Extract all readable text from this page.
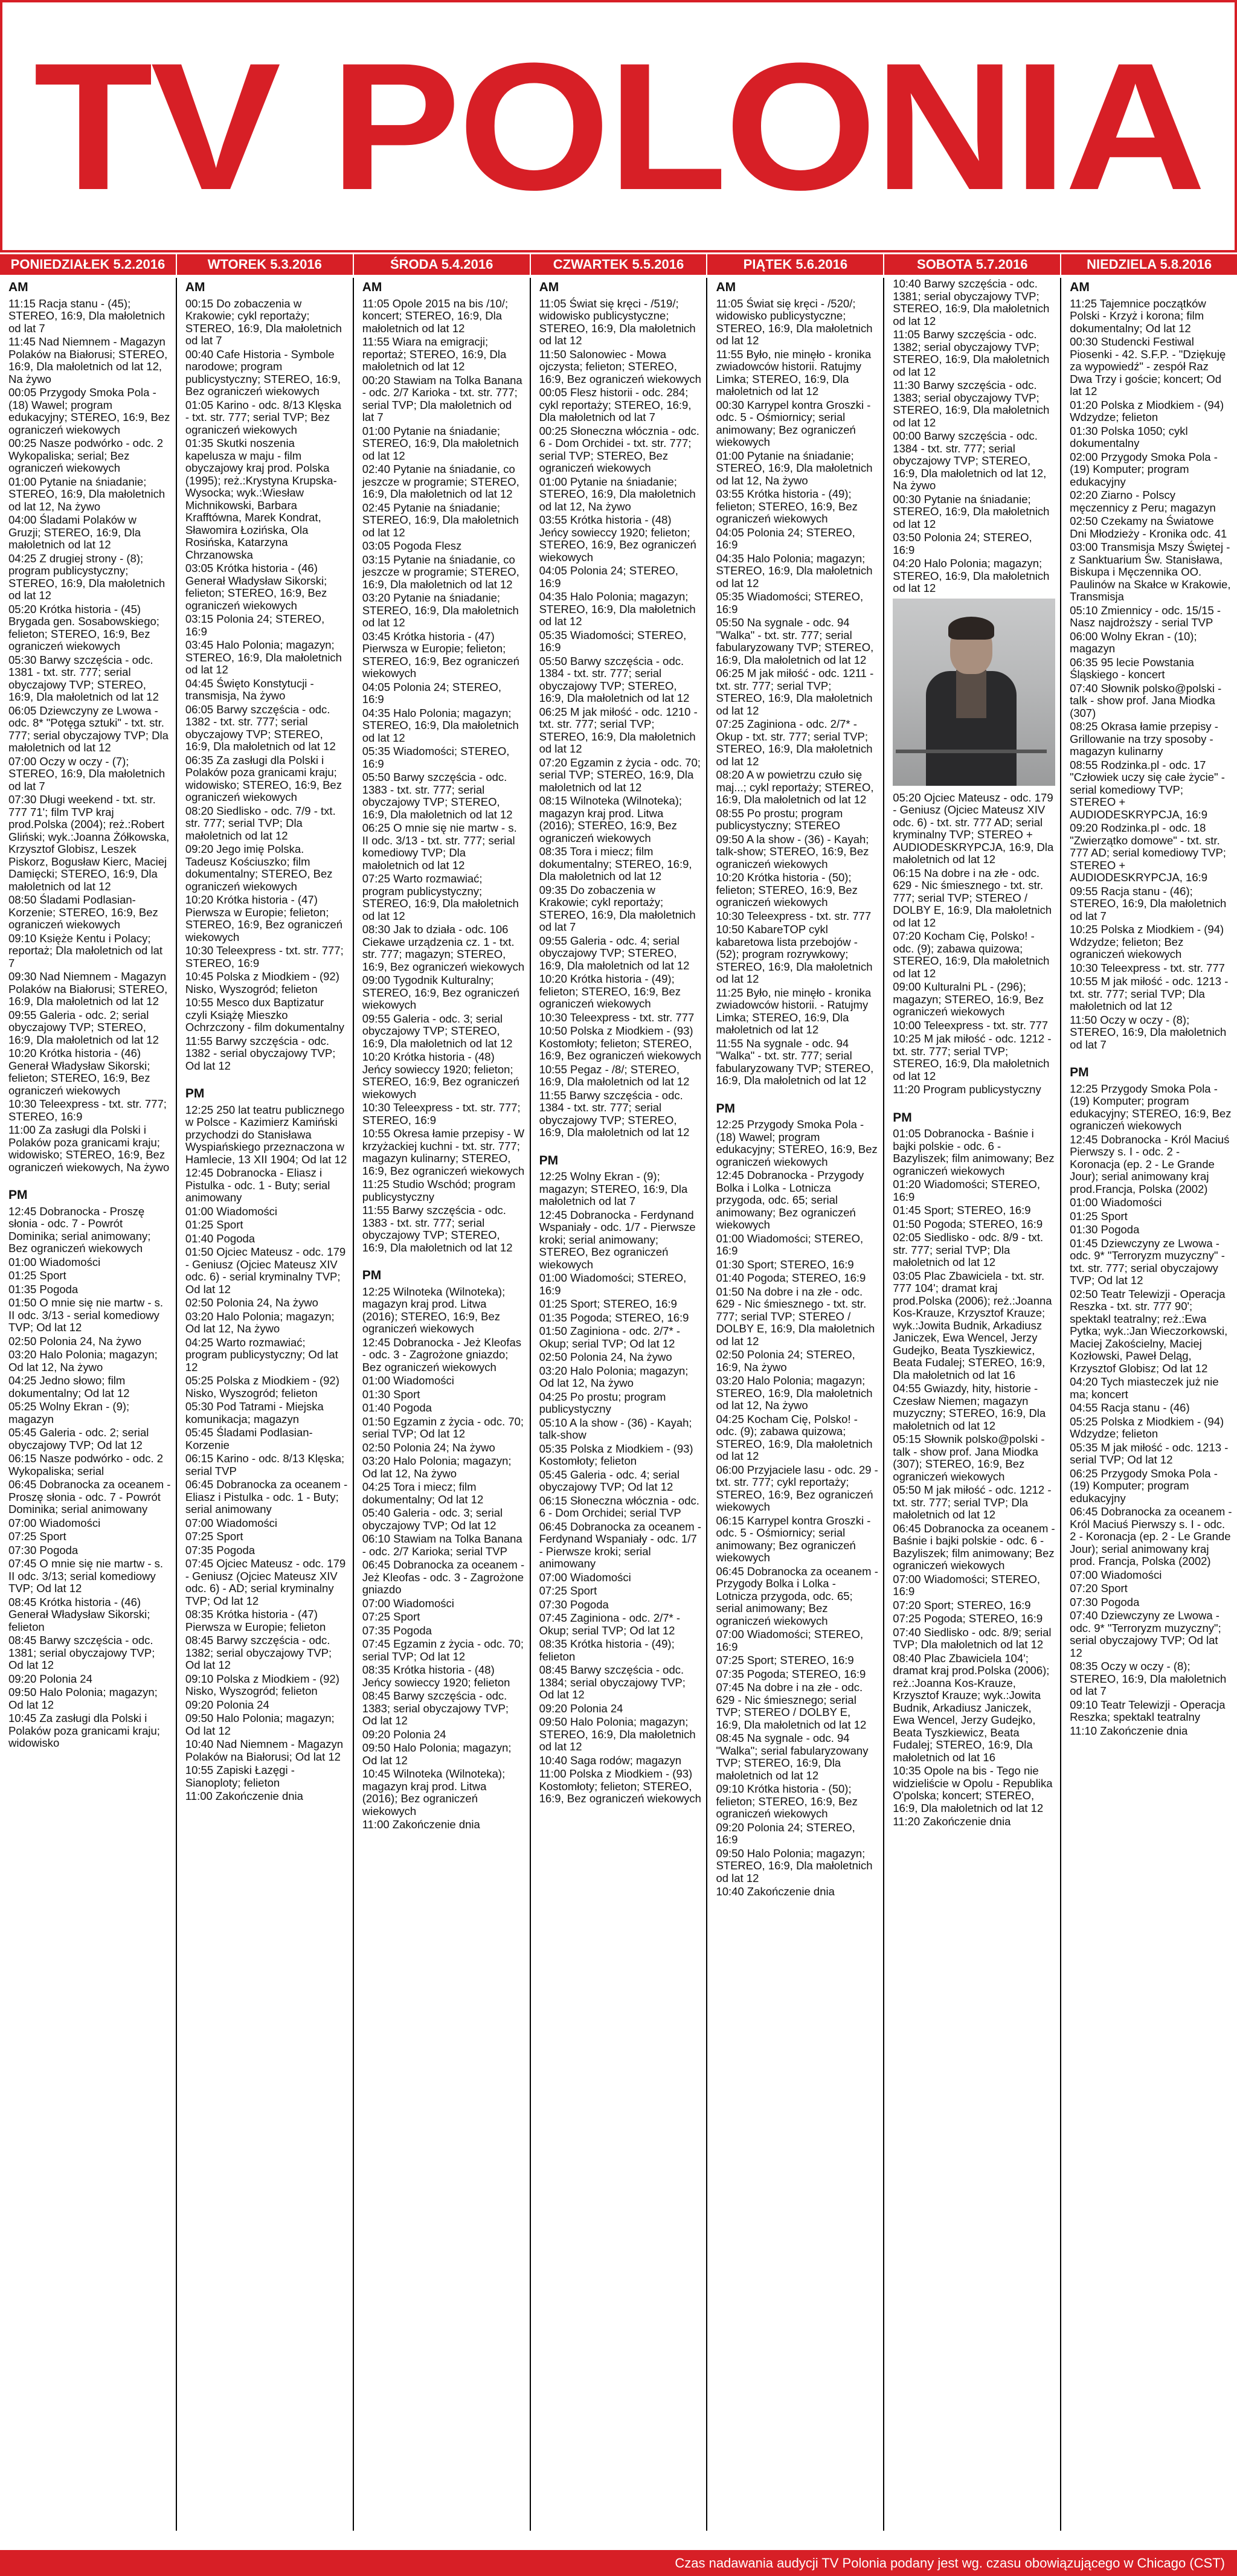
TV POLONIA
PONIEDZIAŁEK 5.2.2016	WTOREK 5.3.2016	ŚRODA 5.4.2016	CZWARTEK 5.5.2016	PIĄTEK 5.6.2016	SOBOTA 5.7.2016	NIEDZIELA 5.8.2016
AM
11:15 Racja stanu - (45); STEREO, 16:9, Dla małoletnich od lat 7
11:45 Nad Niemnem - Magazyn Polaków na Białorusi; STEREO, 16:9, Dla małoletnich od lat 12, Na żywo
00:05 Przygody Smoka Pola - (18) Wawel; program edukacyjny; STEREO, 16:9, Bez ograniczeń wiekowych
00:25 Nasze podwórko - odc. 2 Wykopaliska; serial; Bez ograniczeń wiekowych
01:00 Pytanie na śniadanie; STEREO, 16:9, Dla małoletnich od lat 12, Na żywo
04:00 Śladami Polaków w Gruzji; STEREO, 16:9, Dla małoletnich od lat 12
04:25 Z drugiej strony - (8); program publicystyczny; STEREO, 16:9, Dla małoletnich od lat 12
05:20 Krótka historia - (45) Brygada gen. Sosabowskiego; felieton; STEREO, 16:9, Bez ograniczeń wiekowych
05:30 Barwy szczęścia - odc. 1381 - txt. str. 777; serial obyczajowy TVP; STEREO, 16:9, Dla małoletnich od lat 12
06:05 Dziewczyny ze Lwowa - odc. 8* "Potęga sztuki" - txt. str. 777; serial obyczajowy TVP; Dla małoletnich od lat 12
07:00 Oczy w oczy - (7); STEREO, 16:9, Dla małoletnich od lat 7
07:30 Długi weekend - txt. str. 777 71'; film TVP kraj prod.Polska (2004); reż.:Robert Gliński; wyk.:Joanna Żółkowska, Krzysztof Globisz, Leszek Piskorz, Bogusław Kierc, Maciej Damięcki; STEREO, 16:9, Dla małoletnich od lat 12
08:50 Śladami Podlasian-Korzenie; STEREO, 16:9, Bez ograniczeń wiekowych
09:10 Księże Kentu i Polacy; reportaż; Dla małoletnich od lat 7
09:30 Nad Niemnem - Magazyn Polaków na Białorusi; STEREO, 16:9, Dla małoletnich od lat 12
09:55 Galeria - odc. 2; serial obyczajowy TVP; STEREO, 16:9, Dla małoletnich od lat 12
10:20 Krótka historia - (46) Generał Władysław Sikorski; felieton; STEREO, 16:9, Bez ograniczeń wiekowych
10:30 Teleexpress - txt. str. 777; STEREO, 16:9
11:00 Za zasługi dla Polski i Polaków poza granicami kraju; widowisko; STEREO, 16:9, Bez ograniczeń wiekowych, Na żywo
PM
12:45 Dobranocka - Proszę słonia - odc. 7 - Powrót Dominika; serial animowany; Bez ograniczeń wiekowych
01:00 Wiadomości
01:25 Sport
01:35 Pogoda
01:50 O mnie się nie martw - s. II odc. 3/13 - serial komediowy TVP; Od lat 12
02:50 Polonia 24, Na żywo
03:20 Halo Polonia; magazyn; Od lat 12, Na żywo
04:25 Jedno słowo; film dokumentalny; Od lat 12
05:25 Wolny Ekran - (9); magazyn
05:45 Galeria - odc. 2; serial obyczajowy TVP; Od lat 12
06:15 Nasze podwórko - odc. 2 Wykopaliska; serial
06:45 Dobranocka za oceanem - Proszę słonia - odc. 7 - Powrót Dominika; serial animowany
07:00 Wiadomości
07:25 Sport
07:30 Pogoda
07:45 O mnie się nie martw - s. II odc. 3/13; serial komediowy TVP; Od lat 12
08:45 Krótka historia - (46) Generał Władysław Sikorski; felieton
08:45 Barwy szczęścia - odc. 1381; serial obyczajowy TVP; Od lat 12
09:20 Polonia 24
09:50 Halo Polonia; magazyn; Od lat 12
10:45 Za zasługi dla Polski i Polaków poza granicami kraju; widowisko
AM
00:15 Do zobaczenia w Krakowie; cykl reportaży; STEREO, 16:9, Dla małoletnich od lat 7
00:40 Cafe Historia - Symbole narodowe; program publicystyczny; STEREO, 16:9, Bez ograniczeń wiekowych
01:05 Karino - odc. 8/13 Klęska - txt. str. 777; serial TVP; Bez ograniczeń wiekowych
01:35 Skutki noszenia kapelusza w maju - film obyczajowy kraj prod. Polska (1995); reż.:Krystyna Krupska-Wysocka; wyk.:Wiesław Michnikowski, Barbara Krafftówna, Marek Kondrat, Sławomira Łozińska, Ola Rosińska, Katarzyna Chrzanowska
03:05 Krótka historia - (46) Generał Władysław Sikorski; felieton; STEREO, 16:9, Bez ograniczeń wiekowych
03:15 Polonia 24; STEREO, 16:9
03:45 Halo Polonia; magazyn; STEREO, 16:9, Dla małoletnich od lat 12
04:45 Święto Konstytucji - transmisja, Na żywo
06:05 Barwy szczęścia - odc. 1382 - txt. str. 777; serial obyczajowy TVP; STEREO, 16:9, Dla małoletnich od lat 12
06:35 Za zasługi dla Polski i Polaków poza granicami kraju; widowisko; STEREO, 16:9, Bez ograniczeń wiekowych
08:20 Siedlisko - odc. 7/9 - txt. str. 777; serial TVP; Dla małoletnich od lat 12
09:20 Jego imię Polska. Tadeusz Kościuszko; film dokumentalny; STEREO, Bez ograniczeń wiekowych
10:20 Krótka historia - (47) Pierwsza w Europie; felieton; STEREO, 16:9, Bez ograniczeń wiekowych
10:30 Teleexpress - txt. str. 777; STEREO, 16:9
10:45 Polska z Miodkiem - (92) Nisko, Wyszogród; felieton
10:55 Mesco dux Baptizatur czyli Książę Mieszko Ochrzczony - film dokumentalny
11:55 Barwy szczęścia - odc. 1382 - serial obyczajowy TVP; Od lat 12
PM
12:25 250 lat teatru publicznego w Polsce - Kazimierz Kamiński przychodzi do Stanisława Wyspiańskiego przeznaczona w Hamlecie, 13 XII 1904; Od lat 12
12:45 Dobranocka - Eliasz i Pistulka - odc. 1 - Buty; serial animowany
01:00 Wiadomości
01:25 Sport
01:40 Pogoda
01:50 Ojciec Mateusz - odc. 179 - Geniusz (Ojciec Mateusz XIV odc. 6) - serial kryminalny TVP; Od lat 12
02:50 Polonia 24, Na żywo
03:20 Halo Polonia; magazyn; Od lat 12, Na żywo
04:25 Warto rozmawiać; program publicystyczny; Od lat 12
05:25 Polska z Miodkiem - (92) Nisko, Wyszogród; felieton
05:30 Pod Tatrami - Miejska komunikacja; magazyn
05:45 Śladami Podlasian-Korzenie
06:15 Karino - odc. 8/13 Klęska; serial TVP
06:45 Dobranocka za oceanem - Eliasz i Pistulka - odc. 1 - Buty; serial animowany
07:00 Wiadomości
07:25 Sport
07:35 Pogoda
07:45 Ojciec Mateusz - odc. 179 - Geniusz (Ojciec Mateusz XIV odc. 6) - AD; serial kryminalny TVP; Od lat 12
08:35 Krótka historia - (47) Pierwsza w Europie; felieton
08:45 Barwy szczęścia - odc. 1382; serial obyczajowy TVP; Od lat 12
09:10 Polska z Miodkiem - (92) Nisko, Wyszogród; felieton
09:20 Polonia 24
09:50 Halo Polonia; magazyn; Od lat 12
10:40 Nad Niemnem - Magazyn Polaków na Białorusi; Od lat 12
10:55 Zapiski Łazęgi - Sianoploty; felieton
11:00 Zakończenie dnia
AM
11:05 Opole 2015 na bis /10/; koncert; STEREO, 16:9, Dla małoletnich od lat 12
11:55 Wiara na emigracji; reportaż; STEREO, 16:9, Dla małoletnich od lat 12
00:20 Stawiam na Tolka Banana - odc. 2/7 Karioka - txt. str. 777; serial TVP; Dla małoletnich od lat 7
01:00 Pytanie na śniadanie; STEREO, 16:9, Dla małoletnich od lat 12
02:40 Pytanie na śniadanie, co jeszcze w programie; STEREO, 16:9, Dla małoletnich od lat 12
02:45 Pytanie na śniadanie; STEREO, 16:9, Dla małoletnich od lat 12
03:05 Pogoda Flesz
03:15 Pytanie na śniadanie, co jeszcze w programie; STEREO, 16:9, Dla małoletnich od lat 12
03:20 Pytanie na śniadanie; STEREO, 16:9, Dla małoletnich od lat 12
03:45 Krótka historia - (47) Pierwsza w Europie; felieton; STEREO, 16:9, Bez ograniczeń wiekowych
04:05 Polonia 24; STEREO, 16:9
04:35 Halo Polonia; magazyn; STEREO, 16:9, Dla małoletnich od lat 12
05:35 Wiadomości; STEREO, 16:9
05:50 Barwy szczęścia - odc. 1383 - txt. str. 777; serial obyczajowy TVP; STEREO, 16:9, Dla małoletnich od lat 12
06:25 O mnie się nie martw - s. II odc. 3/13 - txt. str. 777; serial komediowy TVP; Dla małoletnich od lat 12
07:25 Warto rozmawiać; program publicystyczny; STEREO, 16:9, Dla małoletnich od lat 12
08:30 Jak to działa - odc. 106 Ciekawe urządzenia cz. 1 - txt. str. 777; magazyn; STEREO, 16:9, Bez ograniczeń wiekowych
09:00 Tygodnik Kulturalny; STEREO, 16:9, Bez ograniczeń wiekowych
09:55 Galeria - odc. 3; serial obyczajowy TVP; STEREO, 16:9, Dla małoletnich od lat 12
10:20 Krótka historia - (48) Jeńcy sowieccy 1920; felieton; STEREO, 16:9, Bez ograniczeń wiekowych
10:30 Teleexpress - txt. str. 777; STEREO, 16:9
10:55 Okresa łamie przepisy - W krzyżackiej kuchni - txt. str. 777; magazyn kulinarny; STEREO, 16:9, Bez ograniczeń wiekowych
11:25 Studio Wschód; program publicystyczny
11:55 Barwy szczęścia - odc. 1383 - txt. str. 777; serial obyczajowy TVP; STEREO, 16:9, Dla małoletnich od lat 12
PM
12:25 Wilnoteka (Wilnoteka); magazyn kraj prod. Litwa (2016); STEREO, 16:9, Bez ograniczeń wiekowych
12:45 Dobranocka - Jeż Kleofas - odc. 3 - Zagrożone gniazdo; Bez ograniczeń wiekowych
01:00 Wiadomości
01:30 Sport
01:40 Pogoda
01:50 Egzamin z życia - odc. 70; serial TVP; Od lat 12
02:50 Polonia 24; Na żywo
03:20 Halo Polonia; magazyn; Od lat 12, Na żywo
04:25 Tora i miecz; film dokumentalny; Od lat 12
05:40 Galeria - odc. 3; serial obyczajowy TVP; Od lat 12
06:10 Stawiam na Tolka Banana - odc. 2/7 Karioka; serial TVP
06:45 Dobranocka za oceanem - Jeż Kleofas - odc. 3 - Zagrożone gniazdo
07:00 Wiadomości
07:25 Sport
07:35 Pogoda
07:45 Egzamin z życia - odc. 70; serial TVP; Od lat 12
08:35 Krótka historia - (48) Jeńcy sowieccy 1920; felieton
08:45 Barwy szczęścia - odc. 1383; serial obyczajowy TVP; Od lat 12
09:20 Polonia 24
09:50 Halo Polonia; magazyn; Od lat 12
10:45 Wilnoteka (Wilnoteka); magazyn kraj prod. Litwa (2016); Bez ograniczeń wiekowych
11:00 Zakończenie dnia
AM
11:05 Świat się kręci - /519/; widowisko publicystyczne; STEREO, 16:9, Dla małoletnich od lat 12
11:50 Salonowiec - Mowa ojczysta; felieton; STEREO, 16:9, Bez ograniczeń wiekowych
00:05 Flesz historii - odc. 284; cykl reportaży; STEREO, 16:9, Dla małoletnich od lat 7
00:25 Słoneczna włócznia - odc. 6 - Dom Orchidei - txt. str. 777; serial TVP; STEREO, Bez ograniczeń wiekowych
01:00 Pytanie na śniadanie; STEREO, 16:9, Dla małoletnich od lat 12, Na żywo
03:55 Krótka historia - (48) Jeńcy sowieccy 1920; felieton; STEREO, 16:9, Bez ograniczeń wiekowych
04:05 Polonia 24; STEREO, 16:9
04:35 Halo Polonia; magazyn; STEREO, 16:9, Dla małoletnich od lat 12
05:35 Wiadomości; STEREO, 16:9
05:50 Barwy szczęścia - odc. 1384 - txt. str. 777; serial obyczajowy TVP; STEREO, 16:9, Dla małoletnich od lat 12
06:25 M jak miłość - odc. 1210 - txt. str. 777; serial TVP; STEREO, 16:9, Dla małoletnich od lat 12
07:20 Egzamin z życia - odc. 70; serial TVP; STEREO, 16:9, Dla małoletnich od lat 12
08:15 Wilnoteka (Wilnoteka); magazyn kraj prod. Litwa (2016); STEREO, 16:9, Bez ograniczeń wiekowych
08:35 Tora i miecz; film dokumentalny; STEREO, 16:9, Dla małoletnich od lat 12
09:35 Do zobaczenia w Krakowie; cykl reportaży; STEREO, 16:9, Dla małoletnich od lat 7
09:55 Galeria - odc. 4; serial obyczajowy TVP; STEREO, 16:9, Dla małoletnich od lat 12
10:20 Krótka historia - (49); felieton; STEREO, 16:9, Bez ograniczeń wiekowych
10:30 Teleexpress - txt. str. 777
10:50 Polska z Miodkiem - (93) Kostomłoty; felieton; STEREO, 16:9, Bez ograniczeń wiekowych
10:55 Pegaz - /8/; STEREO, 16:9, Dla małoletnich od lat 12
11:55 Barwy szczęścia - odc. 1384 - txt. str. 777; serial obyczajowy TVP; STEREO, 16:9, Dla małoletnich od lat 12
PM
12:25 Wolny Ekran - (9); magazyn; STEREO, 16:9, Dla małoletnich od lat 7
12:45 Dobranocka - Ferdynand Wspaniały - odc. 1/7 - Pierwsze kroki; serial animowany; STEREO, Bez ograniczeń wiekowych
01:00 Wiadomości; STEREO, 16:9
01:25 Sport; STEREO, 16:9
01:35 Pogoda; STEREO, 16:9
01:50 Zaginiona - odc. 2/7* - Okup; serial TVP; Od lat 12
02:50 Polonia 24, Na żywo
03:20 Halo Polonia; magazyn; Od lat 12, Na żywo
04:25 Po prostu; program publicystyczny
05:10 A la show - (36) - Kayah; talk-show
05:35 Polska z Miodkiem - (93) Kostomłoty; felieton
05:45 Galeria - odc. 4; serial obyczajowy TVP; Od lat 12
06:15 Słoneczna włócznia - odc. 6 - Dom Orchidei; serial TVP
06:45 Dobranocka za oceanem - Ferdynand Wspaniały - odc. 1/7 - Pierwsze kroki; serial animowany
07:00 Wiadomości
07:25 Sport
07:30 Pogoda
07:45 Zaginiona - odc. 2/7* - Okup; serial TVP; Od lat 12
08:35 Krótka historia - (49); felieton
08:45 Barwy szczęścia - odc. 1384; serial obyczajowy TVP; Od lat 12
09:20 Polonia 24
09:50 Halo Polonia; magazyn; STEREO, 16:9, Dla małoletnich od lat 12
10:40 Saga rodów; magazyn
11:00 Polska z Miodkiem - (93) Kostomłoty; felieton; STEREO, 16:9, Bez ograniczeń wiekowych
AM
11:05 Świat się kręci - /520/; widowisko publicystyczne; STEREO, 16:9, Dla małoletnich od lat 12
11:55 Było, nie minęło - kronika zwiadowców historii. Ratujmy Limka; STEREO, 16:9, Dla małoletnich od lat 12
00:30 Karrypel kontra Groszki - odc. 5 - Ośmiornicy; serial animowany; Bez ograniczeń wiekowych
01:00 Pytanie na śniadanie; STEREO, 16:9, Dla małoletnich od lat 12, Na żywo
03:55 Krótka historia - (49); felieton; STEREO, 16:9, Bez ograniczeń wiekowych
04:05 Polonia 24; STEREO, 16:9
04:35 Halo Polonia; magazyn; STEREO, 16:9, Dla małoletnich od lat 12
05:35 Wiadomości; STEREO, 16:9
05:50 Na sygnale - odc. 94 "Walka" - txt. str. 777; serial fabularyzowany TVP; STEREO, 16:9, Dla małoletnich od lat 12
06:25 M jak miłość - odc. 1211 - txt. str. 777; serial TVP; STEREO, 16:9, Dla małoletnich od lat 12
07:25 Zaginiona - odc. 2/7* - Okup - txt. str. 777; serial TVP; STEREO, 16:9, Dla małoletnich od lat 12
08:20 A w powietrzu czuło się maj...; cykl reportaży; STEREO, 16:9, Dla małoletnich od lat 12
08:55 Po prostu; program publicystyczny; STEREO
09:50 A la show - (36) - Kayah; talk-show; STEREO, 16:9, Bez ograniczeń wiekowych
10:20 Krótka historia - (50); felieton; STEREO, 16:9, Bez ograniczeń wiekowych
10:30 Teleexpress - txt. str. 777
10:50 KabareTOP cykl kabaretowa lista przebojów - (52); program rozrywkowy; STEREO, 16:9, Dla małoletnich od lat 12
11:25 Było, nie minęło - kronika zwiadowców historii. - Ratujmy Limka; STEREO, 16:9, Dla małoletnich od lat 12
11:55 Na sygnale - odc. 94 "Walka" - txt. str. 777; serial fabularyzowany TVP; STEREO, 16:9, Dla małoletnich od lat 12
PM
12:25 Przygody Smoka Pola - (18) Wawel; program edukacyjny; STEREO, 16:9, Bez ograniczeń wiekowych
12:45 Dobranocka - Przygody Bolka i Lolka - Lotnicza przygoda, odc. 65; serial animowany; Bez ograniczeń wiekowych
01:00 Wiadomości; STEREO, 16:9
01:30 Sport; STEREO, 16:9
01:40 Pogoda; STEREO, 16:9
01:50 Na dobre i na złe - odc. 629 - Nic śmiesznego - txt. str. 777; serial TVP; STEREO / DOLBY E, 16:9, Dla małoletnich od lat 12
02:50 Polonia 24; STEREO, 16:9, Na żywo
03:20 Halo Polonia; magazyn; STEREO, 16:9, Dla małoletnich od lat 12, Na żywo
04:25 Kocham Cię, Polsko! - odc. (9); zabawa quizowa; STEREO, 16:9, Dla małoletnich od lat 12
06:00 Przyjaciele lasu - odc. 29 - txt. str. 777; cykl reportaży; STEREO, 16:9, Bez ograniczeń wiekowych
06:15 Karrypel kontra Groszki - odc. 5 - Ośmiornicy; serial animowany; Bez ograniczeń wiekowych
06:45 Dobranocka za oceanem - Przygody Bolka i Lolka - Lotnicza przygoda, odc. 65; serial animowany; Bez ograniczeń wiekowych
07:00 Wiadomości; STEREO, 16:9
07:25 Sport; STEREO, 16:9
07:35 Pogoda; STEREO, 16:9
07:45 Na dobre i na złe - odc. 629 - Nic śmiesznego; serial TVP; STEREO / DOLBY E, 16:9, Dla małoletnich od lat 12
08:45 Na sygnale - odc. 94 "Walka"; serial fabularyzowany TVP; STEREO, 16:9, Dla małoletnich od lat 12
09:10 Krótka historia - (50); felieton; STEREO, 16:9, Bez ograniczeń wiekowych
09:20 Polonia 24; STEREO, 16:9
09:50 Halo Polonia; magazyn; STEREO, 16:9, Dla małoletnich od lat 12
10:40 Zakończenie dnia
10:40 Barwy szczęścia - odc. 1381; serial obyczajowy TVP; STEREO, 16:9, Dla małoletnich od lat 12
11:05 Barwy szczęścia - odc. 1382; serial obyczajowy TVP; STEREO, 16:9, Dla małoletnich od lat 12
11:30 Barwy szczęścia - odc. 1383; serial obyczajowy TVP; STEREO, 16:9, Dla małoletnich od lat 12
00:00 Barwy szczęścia - odc. 1384 - txt. str. 777; serial obyczajowy TVP; STEREO, 16:9, Dla małoletnich od lat 12, Na żywo
00:30 Pytanie na śniadanie; STEREO, 16:9, Dla małoletnich od lat 12
03:50 Polonia 24; STEREO, 16:9
04:20 Halo Polonia; magazyn; STEREO, 16:9, Dla małoletnich od lat 12
05:20 Ojciec Mateusz - odc. 179 - Geniusz (Ojciec Mateusz XIV odc. 6) - txt. str. 777 AD; serial kryminalny TVP; STEREO + AUDIODESKRYPCJA, 16:9, Dla małoletnich od lat 12
06:15 Na dobre i na złe - odc. 629 - Nic śmiesznego - txt. str. 777; serial TVP; STEREO / DOLBY E, 16:9, Dla małoletnich od lat 12
07:20 Kocham Cię, Polsko! - odc. (9); zabawa quizowa; STEREO, 16:9, Dla małoletnich od lat 12
09:00 Kulturalni PL - (296); magazyn; STEREO, 16:9, Bez ograniczeń wiekowych
10:00 Teleexpress - txt. str. 777
10:25 M jak miłość - odc. 1212 - txt. str. 777; serial TVP; STEREO, 16:9, Dla małoletnich od lat 12
11:20 Program publicystyczny
PM
01:05 Dobranocka - Baśnie i bajki polskie - odc. 6 - Bazyliszek; film animowany; Bez ograniczeń wiekowych
01:20 Wiadomości; STEREO, 16:9
01:45 Sport; STEREO, 16:9
01:50 Pogoda; STEREO, 16:9
02:05 Siedlisko - odc. 8/9 - txt. str. 777; serial TVP; Dla małoletnich od lat 12
03:05 Plac Zbawiciela - txt. str. 777 104'; dramat kraj prod.Polska (2006); reż.:Joanna Kos-Krauze, Krzysztof Krauze; wyk.:Jowita Budnik, Arkadiusz Janiczek, Ewa Wencel, Jerzy Gudejko, Beata Tyszkiewicz, Beata Fudalej; STEREO, 16:9, Dla małoletnich od lat 16
04:55 Gwiazdy, hity, historie - Czesław Niemen; magazyn muzyczny; STEREO, 16:9, Dla małoletnich od lat 12
05:15 Słownik polsko@polski - talk - show prof. Jana Miodka (307); STEREO, 16:9, Bez ograniczeń wiekowych
05:50 M jak miłość - odc. 1212 - txt. str. 777; serial TVP; Dla małoletnich od lat 12
06:45 Dobranocka za oceanem - Baśnie i bajki polskie - odc. 6 - Bazyliszek; film animowany; Bez ograniczeń wiekowych
07:00 Wiadomości; STEREO, 16:9
07:20 Sport; STEREO, 16:9
07:25 Pogoda; STEREO, 16:9
07:40 Siedlisko - odc. 8/9; serial TVP; Dla małoletnich od lat 12
08:40 Plac Zbawiciela 104'; dramat kraj prod.Polska (2006); reż.:Joanna Kos-Krauze, Krzysztof Krauze; wyk.:Jowita Budnik, Arkadiusz Janiczek, Ewa Wencel, Jerzy Gudejko, Beata Tyszkiewicz, Beata Fudalej; STEREO, 16:9, Dla małoletnich od lat 16
10:35 Opole na bis - Tego nie widzieliście w Opolu - Republika O'polska; koncert; STEREO, 16:9, Dla małoletnich od lat 12
11:20 Zakończenie dnia
AM
11:25 Tajemnice początków Polski - Krzyż i korona; film dokumentalny; Od lat 12
00:30 Studencki Festiwal Piosenki - 42. S.F.P. - "Dziękuję za wypowiedź" - zespół Raz Dwa Trzy i goście; koncert; Od lat 12
01:20 Polska z Miodkiem - (94) Wdzydze; felieton
01:30 Polska 1050; cykl dokumentalny
02:00 Przygody Smoka Pola - (19) Komputer; program edukacyjny
02:20 Ziarno - Polscy męczennicy z Peru; magazyn
02:50 Czekamy na Światowe Dni Młodzieży - Kronika odc. 41
03:00 Transmisja Mszy Świętej - z Sanktuarium Św. Stanisława, Biskupa i Męczennika OO. Paulinów na Skałce w Krakowie, Transmisja
05:10 Zmiennicy - odc. 15/15 - Nasz najdroższy - serial TVP
06:00 Wolny Ekran - (10); magazyn
06:35 95 lecie Powstania Śląskiego - koncert
07:40 Słownik polsko@polski - talk - show prof. Jana Miodka (307)
08:25 Okrasa łamie przepisy - Grillowanie na trzy sposoby - magazyn kulinarny
08:55 Rodzinka.pl - odc. 17 "Człowiek uczy się całe życie" - serial komediowy TVP; STEREO + AUDIODESKRYPCJA, 16:9
09:20 Rodzinka.pl - odc. 18 "Zwierzątko domowe" - txt. str. 777 AD; serial komediowy TVP; STEREO + AUDIODESKRYPCJA, 16:9
09:55 Racja stanu - (46); STEREO, 16:9, Dla małoletnich od lat 7
10:25 Polska z Miodkiem - (94) Wdzydze; felieton; Bez ograniczeń wiekowych
10:30 Teleexpress - txt. str. 777
10:55 M jak miłość - odc. 1213 - txt. str. 777; serial TVP; Dla małoletnich od lat 12
11:50 Oczy w oczy - (8); STEREO, 16:9, Dla małoletnich od lat 7
PM
12:25 Przygody Smoka Pola - (19) Komputer; program edukacyjny; STEREO, 16:9, Bez ograniczeń wiekowych
12:45 Dobranocka - Król Maciuś Pierwszy s. I - odc. 2 - Koronacja (ep. 2 - Le Grande Jour); serial animowany kraj prod.Francja, Polska (2002)
01:00 Wiadomości
01:25 Sport
01:30 Pogoda
01:45 Dziewczyny ze Lwowa - odc. 9* "Terroryzm muzyczny" - txt. str. 777; serial obyczajowy TVP; Od lat 12
02:50 Teatr Telewizji - Operacja Reszka - txt. str. 777 90'; spektakl teatralny; reż.:Ewa Pytka; wyk.:Jan Wieczorkowski, Maciej Zakościelny, Maciej Kozłowski, Paweł Deląg, Krzysztof Globisz; Od lat 12
04:20 Tych miasteczek już nie ma; koncert
04:55 Racja stanu - (46)
05:25 Polska z Miodkiem - (94) Wdzydze; felieton
05:35 M jak miłość - odc. 1213 - serial TVP; Od lat 12
06:25 Przygody Smoka Pola - (19) Komputer; program edukacyjny
06:45 Dobranocka za oceanem - Król Maciuś Pierwszy s. I - odc. 2 - Koronacja (ep. 2 - Le Grande Jour); serial animowany kraj prod. Francja, Polska (2002)
07:00 Wiadomości
07:20 Sport
07:30 Pogoda
07:40 Dziewczyny ze Lwowa - odc. 9* "Terroryzm muzyczny"; serial obyczajowy TVP; Od lat 12
08:35 Oczy w oczy - (8); STEREO, 16:9, Dla małoletnich od lat 7
09:10 Teatr Telewizji - Operacja Reszka; spektakl teatralny
11:10 Zakończenie dnia
Czas nadawania audycji TV Polonia podany jest wg. czasu obowiązującego w Chicago (CST)
